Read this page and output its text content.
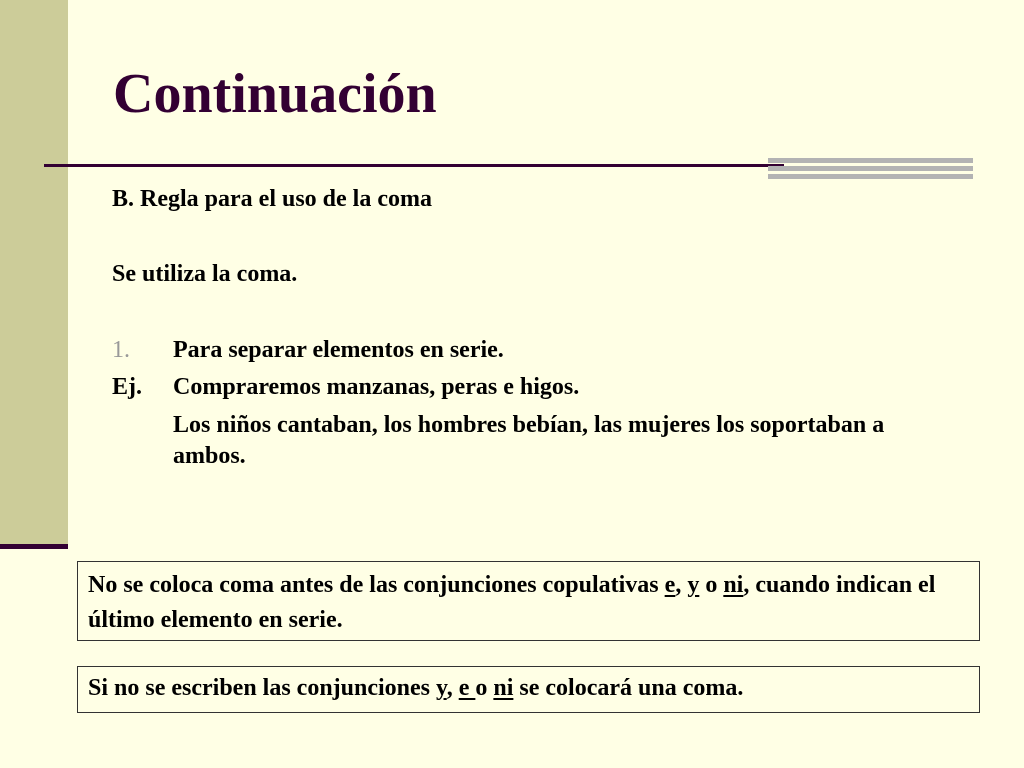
Continuación
B. Regla para el uso de la coma
Se utiliza la coma.
1. Para separar elementos en serie.
Ej. Compraremos manzanas, peras e higos.
Los niños cantaban, los hombres bebían, las mujeres los soportaban a ambos.
No se coloca coma antes de las conjunciones copulativas e, y o ni, cuando indican el último elemento en serie.
Si no se escriben las conjunciones y, e o ni se colocará una coma.
